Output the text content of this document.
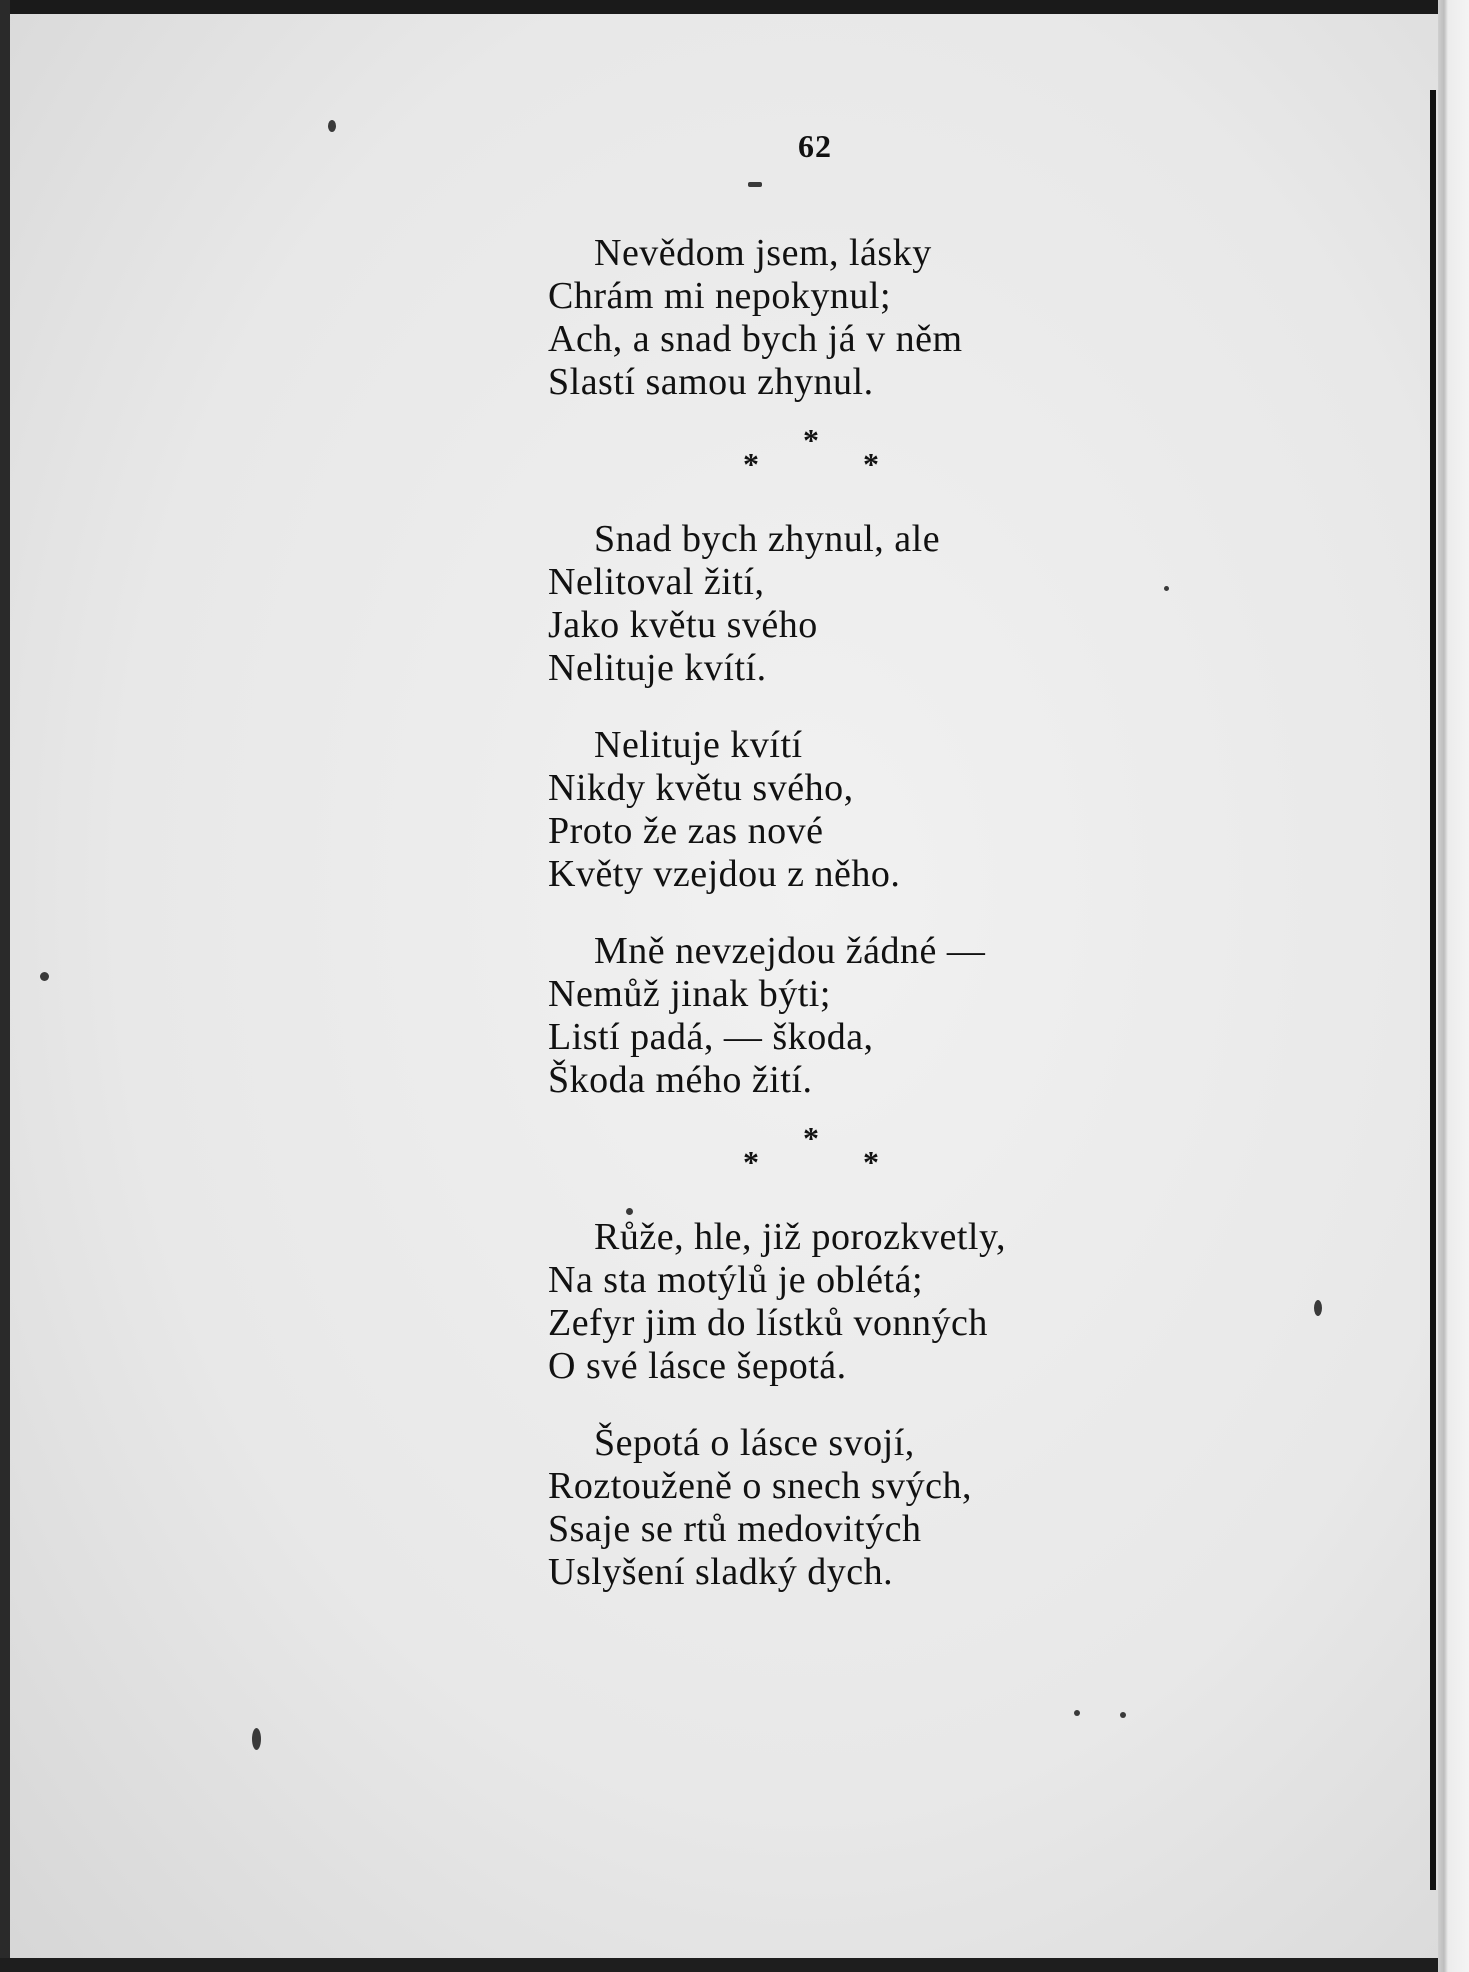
62
Nevědom jsem, lásky
Chrám mi nepokynul;
Ach, a snad bych já v něm
Slastí samou zhynul.
*
*	*
Snad bych zhynul, ale
Nelitoval žití,
Jako květu svého
Nelituje kvítí.
Nelituje kvítí
Nikdy květu svého,
Proto že zas nové
Květy vzejdou z něho.
Mně nevzejdou žádné —
Nemůž jinak býti;
Listí padá, — škoda,
Škoda mého žití.
*
*	*
Růže, hle, již porozkvetly,
Na sta motýlů je oblétá;
Zefyr jim do lístků vonných
O své lásce šepotá.
Šepotá o lásce svojí,
Roztouženě o snech svých,
Ssaje se rtů medovitých
Uslyšení sladký dych.
